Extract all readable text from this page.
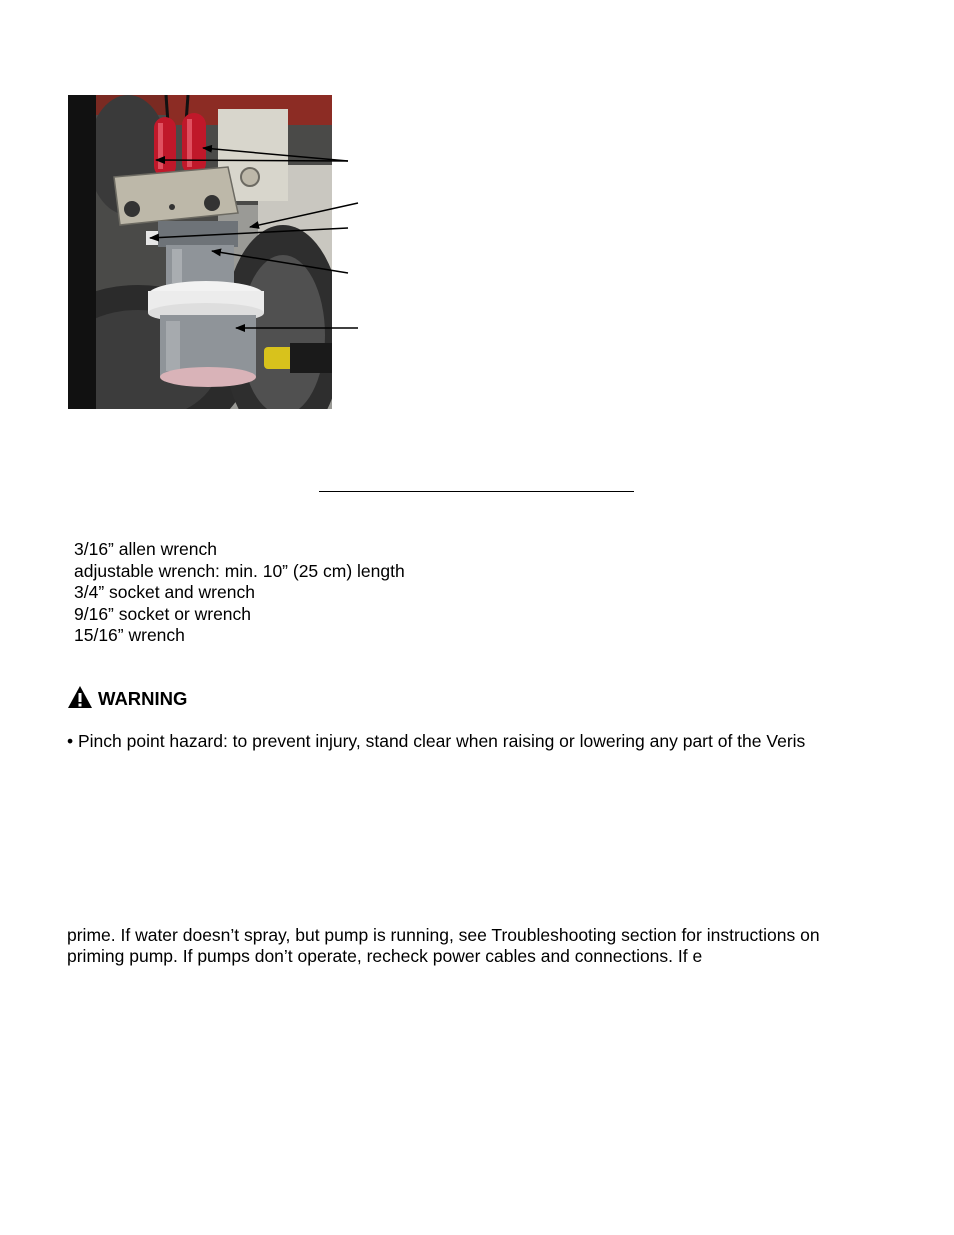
3/16” allen wrench
adjustable wrench: min. 10” (25 cm) length
3/4” socket and wrench
9/16” socket or wrench
15/16” wrench
WARNING

• Pinch point hazard: to prevent injury, stand clear when raising or lowering any part of the Veris

prime. If water doesn’t spray, but pump is running, see Troubleshooting section for instructions on

priming pump. If pumps don’t operate, recheck power cables and connections. If e
